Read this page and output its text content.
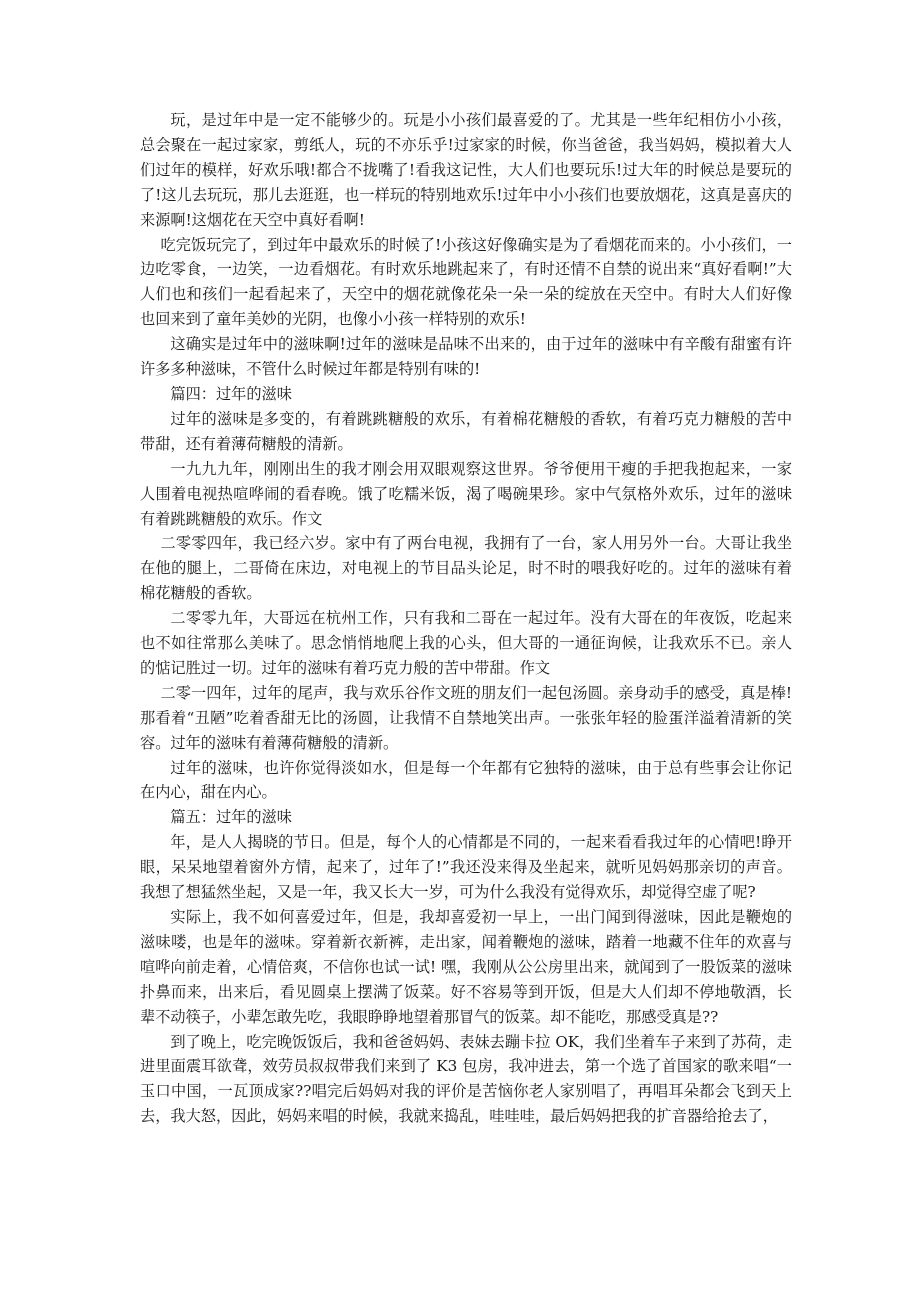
玩，是过年中是一定不能够少的。玩是小小孩们最喜爱的了。尤其是一些年纪相仿小小孩，总会聚在一起过家家，剪纸人，玩的不亦乐乎!过家家的时候，你当爸爸，我当妈妈，模拟着大人们过年的模样，好欢乐哦!都合不拢嘴了!看我这记性，大人们也要玩乐!过大年的时候总是要玩的了!这儿去玩玩，那儿去逛逛，也一样玩的特别地欢乐!过年中小小孩们也要放烟花，这真是喜庆的来源啊!这烟花在天空中真好看啊!

吃完饭玩完了，到过年中最欢乐的时候了!小孩这好像确实是为了看烟花而来的。小小孩们，一边吃零食，一边笑，一边看烟花。有时欢乐地跳起来了，有时还情不自禁的说出来“真好看啊!”大人们也和孩们一起看起来了，天空中的烟花就像花朵一朵一朵的绽放在天空中。有时大人们好像也回来到了童年美妙的光阴，也像小小孩一样特别的欢乐!

这确实是过年中的滋味啊!过年的滋味是品味不出来的，由于过年的滋味中有辛酸有甜蜜有许许多多种滋味，不管什么时候过年都是特别有味的!

篇四：过年的滋味

过年的滋味是多变的，有着跳跳糖般的欢乐，有着棉花糖般的香软，有着巧克力糖般的苦中带甜，还有着薄荷糖般的清新。

一九九九年，刚刚出生的我才刚会用双眼观察这世界。爷爷便用干瘦的手把我抱起来，一家人围着电视热喧哗闹的看春晚。饿了吃糯米饭，渴了喝碗果珍。家中气氛格外欢乐，过年的滋味有着跳跳糖般的欢乐。作文

二零零四年，我已经六岁。家中有了两台电视，我拥有了一台，家人用另外一台。大哥让我坐在他的腿上，二哥倚在床边，对电视上的节目品头论足，时不时的喂我好吃的。过年的滋味有着棉花糖般的香软。

二零零九年，大哥远在杭州工作，只有我和二哥在一起过年。没有大哥在的年夜饭，吃起来也不如往常那么美味了。思念悄悄地爬上我的心头，但大哥的一通征询候，让我欢乐不已。亲人的惦记胜过一切。过年的滋味有着巧克力般的苦中带甜。作文

二零一四年，过年的尾声，我与欢乐谷作文班的朋友们一起包汤圆。亲身动手的感受，真是棒!那看着“丑陋”吃着香甜无比的汤圆，让我情不自禁地笑出声。一张张年轻的脸蛋洋溢着清新的笑容。过年的滋味有着薄荷糖般的清新。

过年的滋味，也许你觉得淡如水，但是每一个年都有它独特的滋味，由于总有些事会让你记在内心，甜在内心。

篇五：过年的滋味

年，是人人揭晓的节日。但是，每个人的心情都是不同的，一起来看看我过年的心情吧!睁开眼，呆呆地望着窗外方情，起来了，过年了!”我还没来得及坐起来，就听见妈妈那亲切的声音。 我想了想猛然坐起，又是一年，我又长大一岁，可为什么我没有觉得欢乐，却觉得空虚了呢?

实际上，我不如何喜爱过年，但是，我却喜爱初一早上，一出门闻到得滋味，因此是鞭炮的滋味喽，也是年的滋味。穿着新衣新裤，走出家，闻着鞭炮的滋味，踏着一地藏不住年的欢喜与喧哗向前走着，心情倍爽，不信你也试一试! 嘿，我刚从公公房里出来，就闻到了一股饭菜的滋味扑鼻而来，出来后，看见圆桌上摆满了饭菜。好不容易等到开饭，但是大人们却不停地敬酒，长辈不动筷子，小辈怎敢先吃，我眼睁睁地望着那冒气的饭菜。却不能吃，那感受真是??

到了晚上，吃完晚饭饭后，我和爸爸妈妈、表妹去蹦卡拉 OK，我们坐着车子来到了苏荷，走进里面震耳欲聋，效劳员叔叔带我们来到了 K3 包房，我冲进去，第一个选了首国家的歌来唱“一玉口中国，一瓦顶成家??唱完后妈妈对我的评价是苦恼你老人家别唱了，再唱耳朵都会飞到天上去，我大怒，因此，妈妈来唱的时候，我就来捣乱，哇哇哇，最后妈妈把我的扩音器给抢去了，
